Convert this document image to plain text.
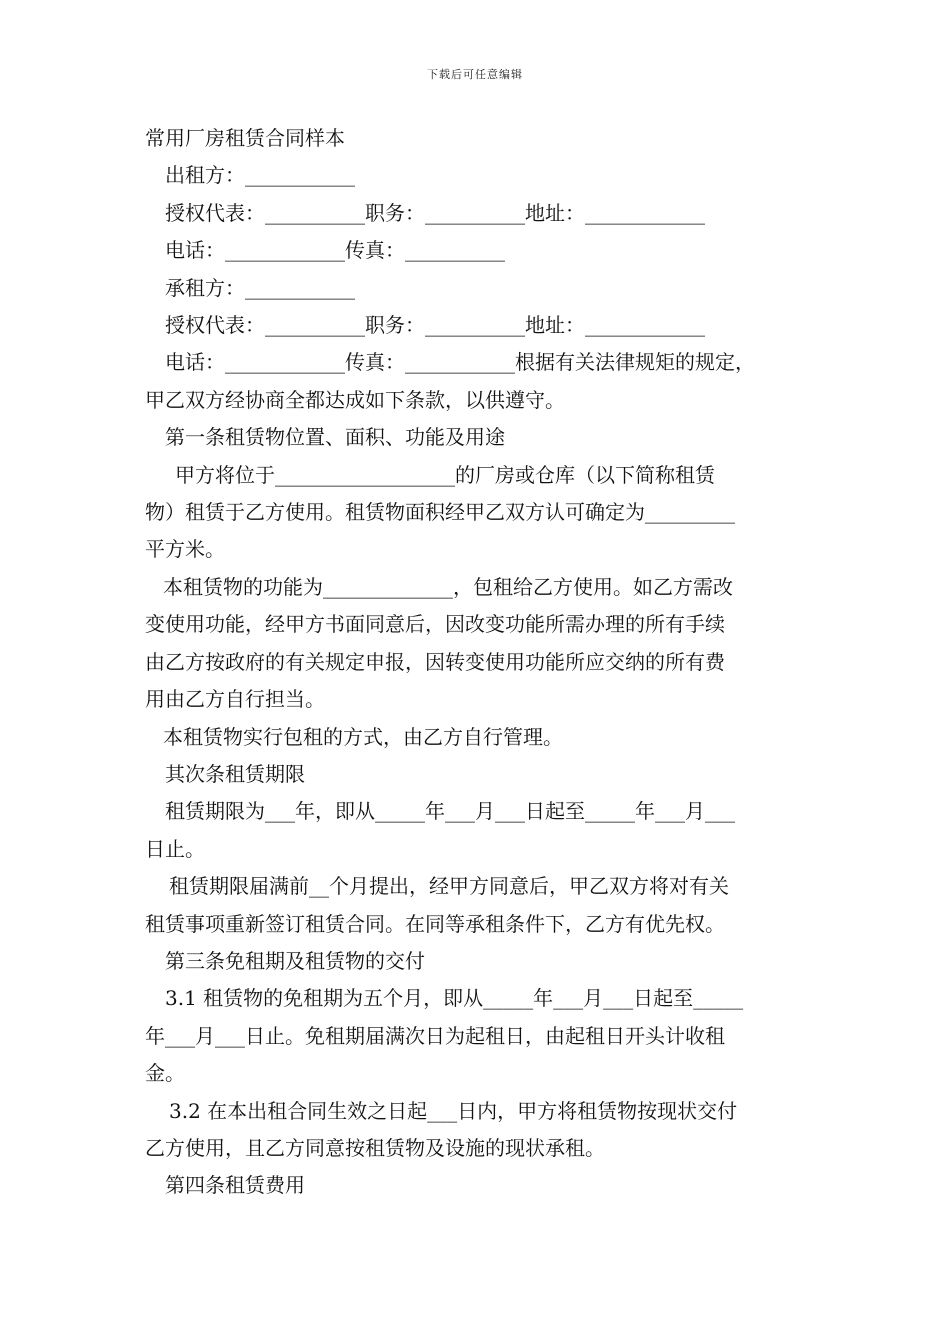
下载后可任意编辑

常用厂房租赁合同样本

出租方：___________

授权代表：__________职务：__________地址：____________

电话：____________传真：__________

承租方：___________

授权代表：__________职务：__________地址：____________

电话：____________传真：___________根据有关法律规矩的规定，

甲乙双方经协商全都达成如下条款，以供遵守。

第一条租赁物位置、面积、功能及用途

甲方将位于__________________的厂房或仓库（以下简称租赁

物）租赁于乙方使用。租赁物面积经甲乙双方认可确定为_________

平方米。

本租赁物的功能为_____________，包租给乙方使用。如乙方需改

变使用功能，经甲方书面同意后，因改变功能所需办理的所有手续

由乙方按政府的有关规定申报，因转变使用功能所应交纳的所有费

用由乙方自行担当。

本租赁物实行包租的方式，由乙方自行管理。

其次条租赁期限

租赁期限为___年，即从_____年___月___日起至_____年___月___

日止。

租赁期限届满前__个月提出，经甲方同意后，甲乙双方将对有关

租赁事项重新签订租赁合同。在同等承租条件下，乙方有优先权。

第三条免租期及租赁物的交付

3.1 租赁物的免租期为五个月，即从_____年___月___日起至_____

年___月___日止。免租期届满次日为起租日，由起租日开头计收租

金。

3.2 在本出租合同生效之日起___日内，甲方将租赁物按现状交付

乙方使用，且乙方同意按租赁物及设施的现状承租。

第四条租赁费用
